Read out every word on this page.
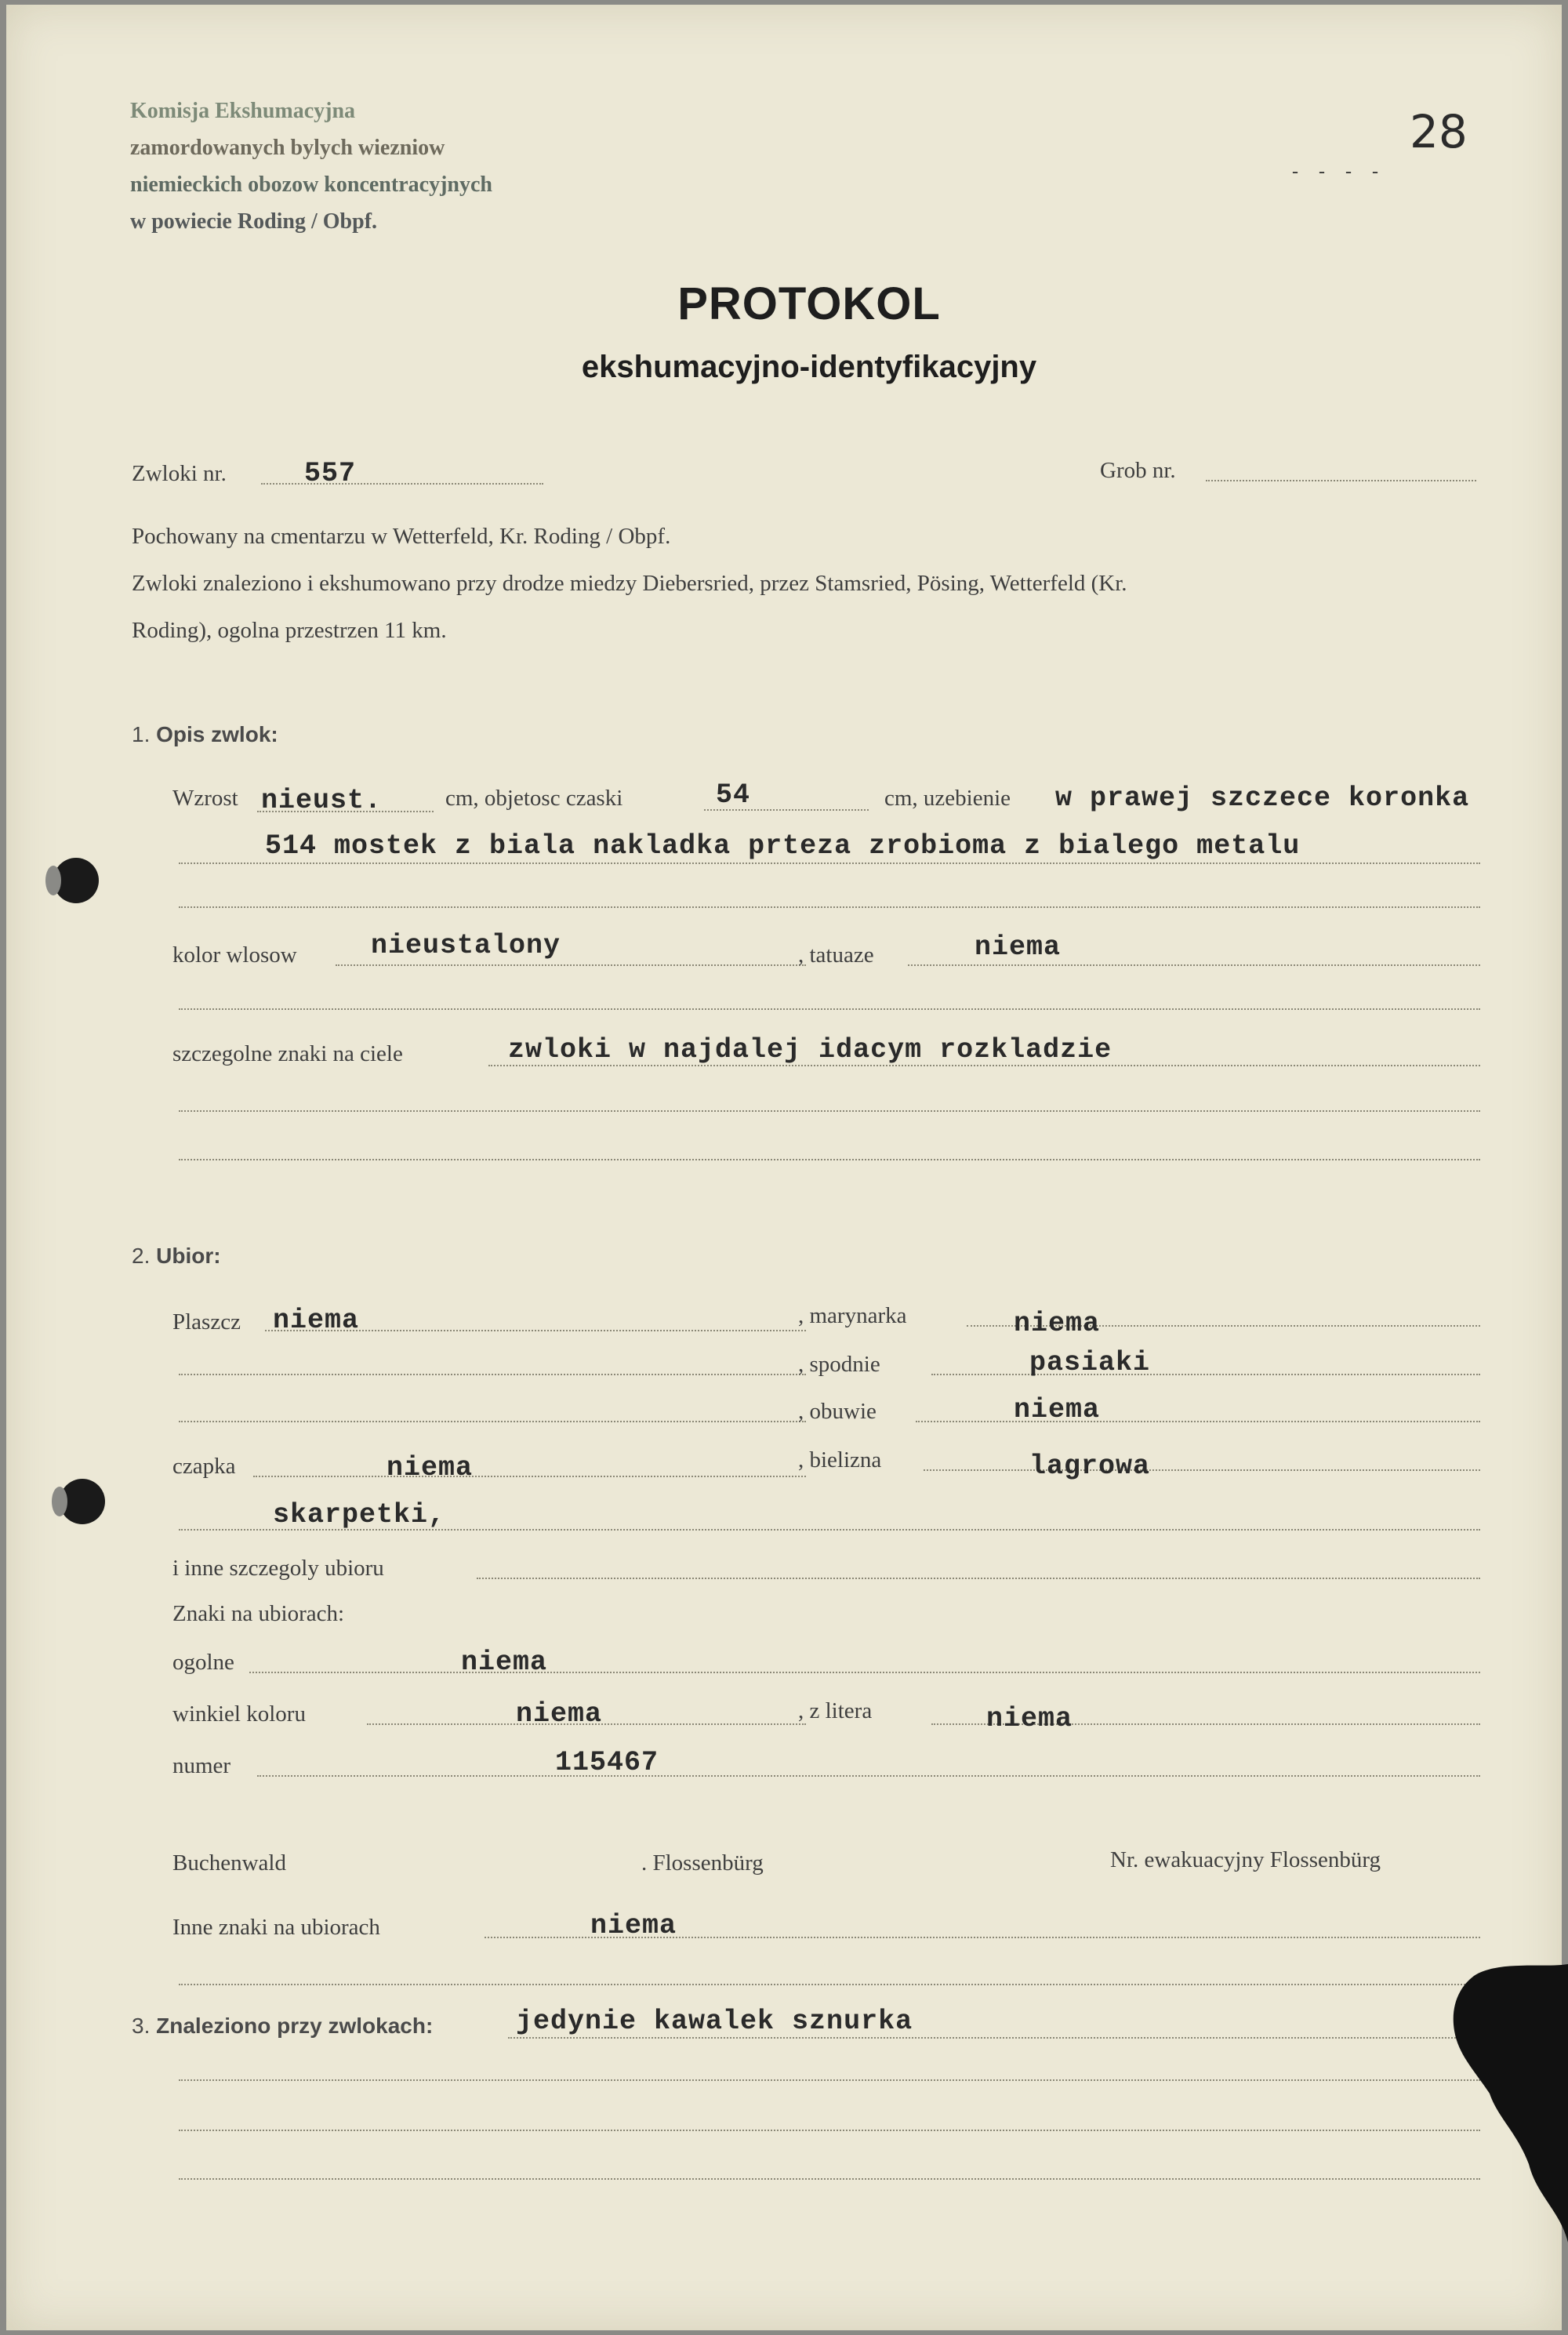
Komisja Ekshumacyjna
zamordowanych bylych wiezniow
niemieckich obozow koncentracyjnych
w powiecie Roding / Obpf.
28
- - - -
PROTOKOL
ekshumacyjno-identyfikacyjny
Zwloki nr.	557	Grob nr.
Pochowany na cmentarzu w Wetterfeld, Kr. Roding / Obpf.
Zwloki znaleziono i ekshumowano przy drodze miedzy Diebersried, przez Stamsried, Pösing, Wetterfeld (Kr.
Roding), ogolna przestrzen 11 km.
1. Opis zwlok:
Wzrost nieust.	cm, objetosc czaski	54	cm, uzebienie w prawej szczece koronka
514 mostek z biala nakladka prteza zrobioma z bialego metalu
kolor wlosow	nieustalony	, tatuaze	niema
szczegolne znaki na ciele	zwloki w najdalej idacym rozkladzie
2. Ubior:
Plaszcz niema	, marynarka	niema
, spodnie	pasiaki
, obuwie	niema
czapka	niema	, bielizna	lagrowa
skarpetki,
i inne szczegoly ubioru
Znaki na ubiorach:
ogolne	niema
winkiel koloru	niema	, z litera	niema
numer	115467
Buchenwald	. Flossenbürg	Nr. ewakuacyjny Flossenbürg
Inne znaki na ubiorach	niema
3. Znaleziono przy zwlokach:	jedynie kawalek sznurka
